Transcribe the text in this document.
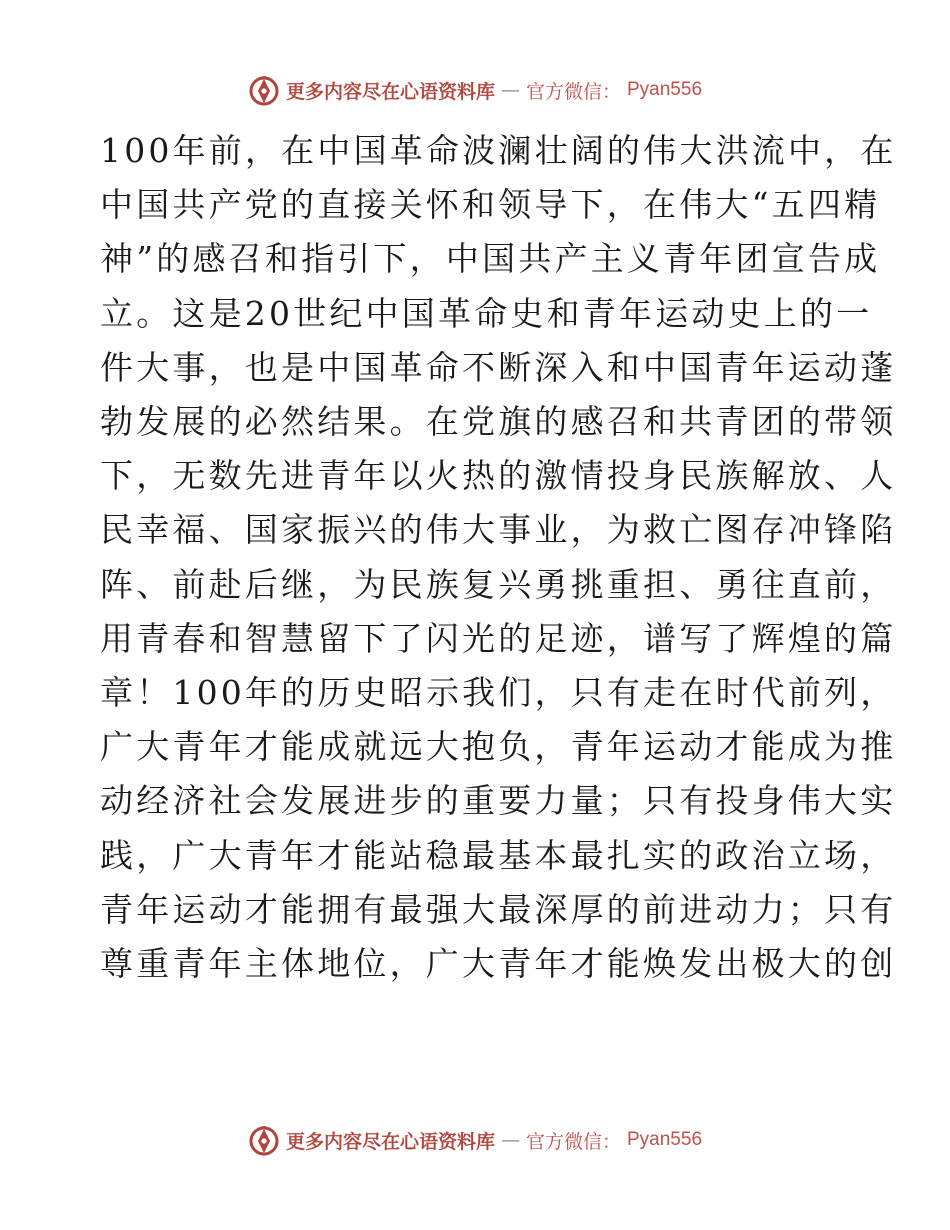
更多内容尽在心语资料库 — 官方微信： Pyan556
100年前，在中国革命波澜壮阔的伟大洪流中，在
中国共产党的直接关怀和领导下，在伟大“五四精
神”的感召和指引下，中国共产主义青年团宣告成
立。这是20世纪中国革命史和青年运动史上的一
件大事，也是中国革命不断深入和中国青年运动蓬
勃发展的必然结果。在党旗的感召和共青团的带领
下，无数先进青年以火热的激情投身民族解放、人
民幸福、国家振兴的伟大事业，为救亡图存冲锋陷
阵、前赴后继，为民族复兴勇挑重担、勇往直前，
用青春和智慧留下了闪光的足迹，谱写了辉煌的篇
章！100年的历史昭示我们，只有走在时代前列，
广大青年才能成就远大抱负，青年运动才能成为推
动经济社会发展进步的重要力量；只有投身伟大实
践，广大青年才能站稳最基本最扎实的政治立场，
青年运动才能拥有最强大最深厚的前进动力；只有
尊重青年主体地位，广大青年才能焕发出极大的创
更多内容尽在心语资料库 — 官方微信： Pyan556
